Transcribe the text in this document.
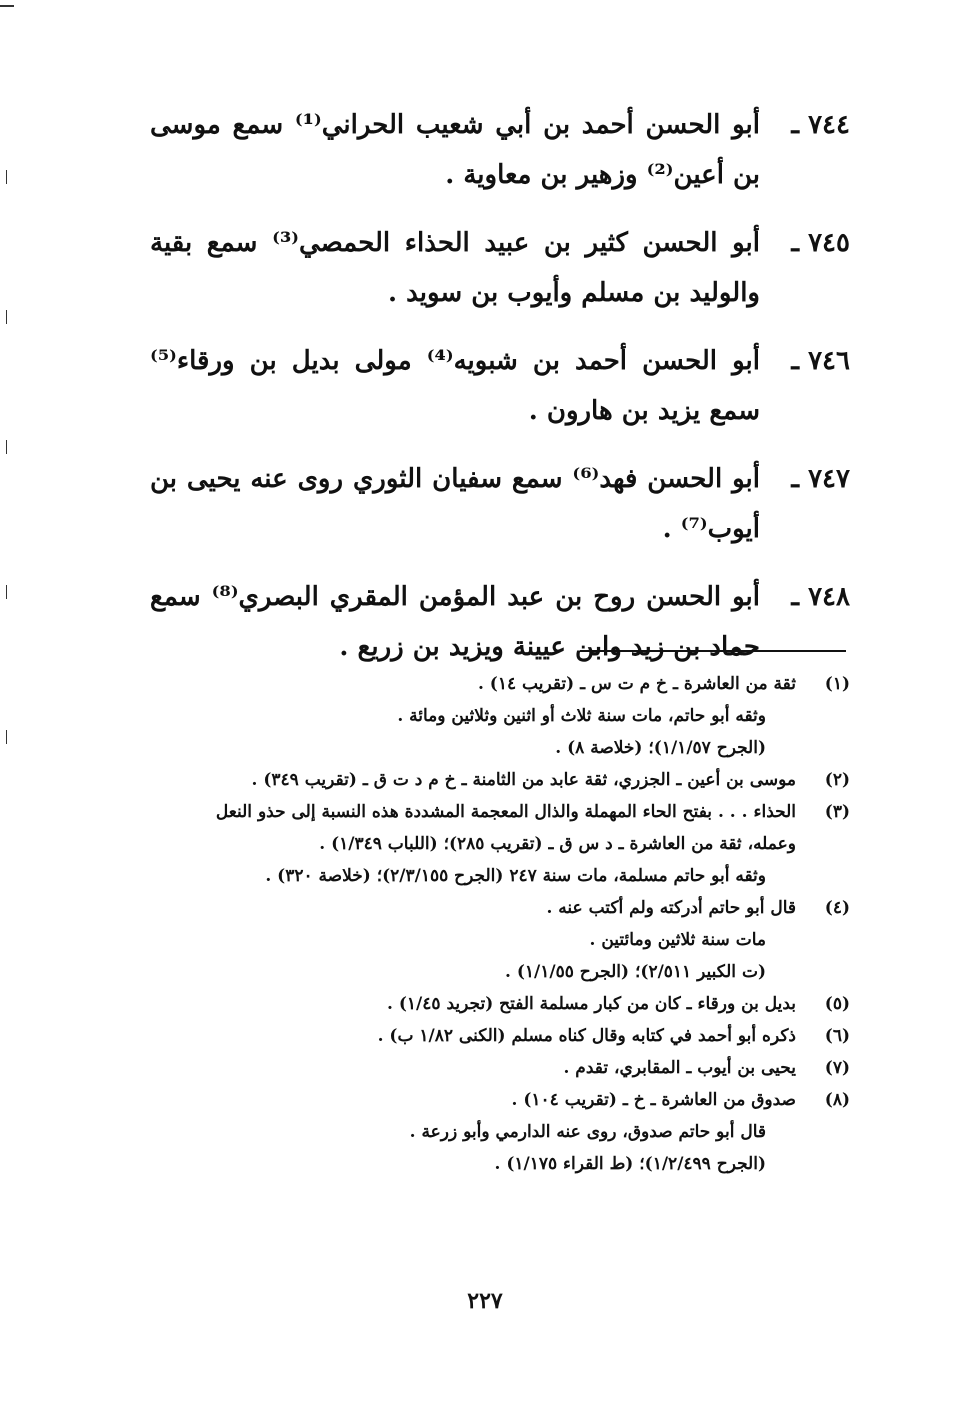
٧٤٤ ـ
أبو الحسن أحمد بن أبي شعيب الحراني⁽¹⁾ سمع موسى بن أعين⁽²⁾ وزهير بن معاوية .
٧٤٥ ـ
أبو الحسن كثير بن عبيد الحذاء الحمصي⁽³⁾ سمع بقية والوليد بن مسلم وأيوب بن سويد .
٧٤٦ ـ
أبو الحسن أحمد بن شبويه⁽⁴⁾ مولى بديل بن ورقاء⁽⁵⁾ سمع يزيد بن هارون .
٧٤٧ ـ
أبو الحسن فهد⁽⁶⁾ سمع سفيان الثوري روى عنه يحيى بن أيوب⁽⁷⁾ .
٧٤٨ ـ
أبو الحسن روح بن عبد المؤمن المقري البصري⁽⁸⁾ سمع حماد بن زيد وابن عيينة ويزيد بن زريع .
(١)
ثقة من العاشرة ـ خ م ت س ـ (تقريب ١٤) .
وثقه أبو حاتم، مات سنة ثلاث أو اثنين وثلاثين ومائة .
(الجرح ١/١/٥٧)؛ (خلاصة ٨) .
(٢)
موسى بن أعين ـ الجزري، ثقة عابد من الثامنة ـ خ م د ت ق ـ (تقريب ٣٤٩) .
(٣)
الحذاء . . . بفتح الحاء المهملة والذال المعجمة المشددة هذه النسبة إلى حذو النعل وعمله، ثقة من العاشرة ـ د س ق ـ (تقريب ٢٨٥)؛ (اللباب ١/٣٤٩) .
وثقه أبو حاتم مسلمة، مات سنة ٢٤٧ (الجرح ٢/٣/١٥٥)؛ (خلاصة ٣٢٠) .
(٤)
قال أبو حاتم أدركته ولم أكتب عنه .
مات سنة ثلاثين ومائتين .
(ت الكبير ٢/٥١١)؛ (الجرح ١/١/٥٥) .
(٥)
بديل بن ورقاء ـ كان من كبار مسلمة الفتح (تجريد ١/٤٥) .
(٦)
ذكره أبو أحمد في كتابه وقال كناه مسلم (الكنى ١/٨٢ ب) .
(٧)
يحيى بن أيوب ـ المقابري، تقدم .
(٨)
صدوق من العاشرة ـ خ ـ (تقريب ١٠٤) .
قال أبو حاتم صدوق، روى عنه الدارمي وأبو زرعة .
(الجرح ١/٢/٤٩٩)؛ (ط القراء ١/١٧٥) .
٢٢٧
